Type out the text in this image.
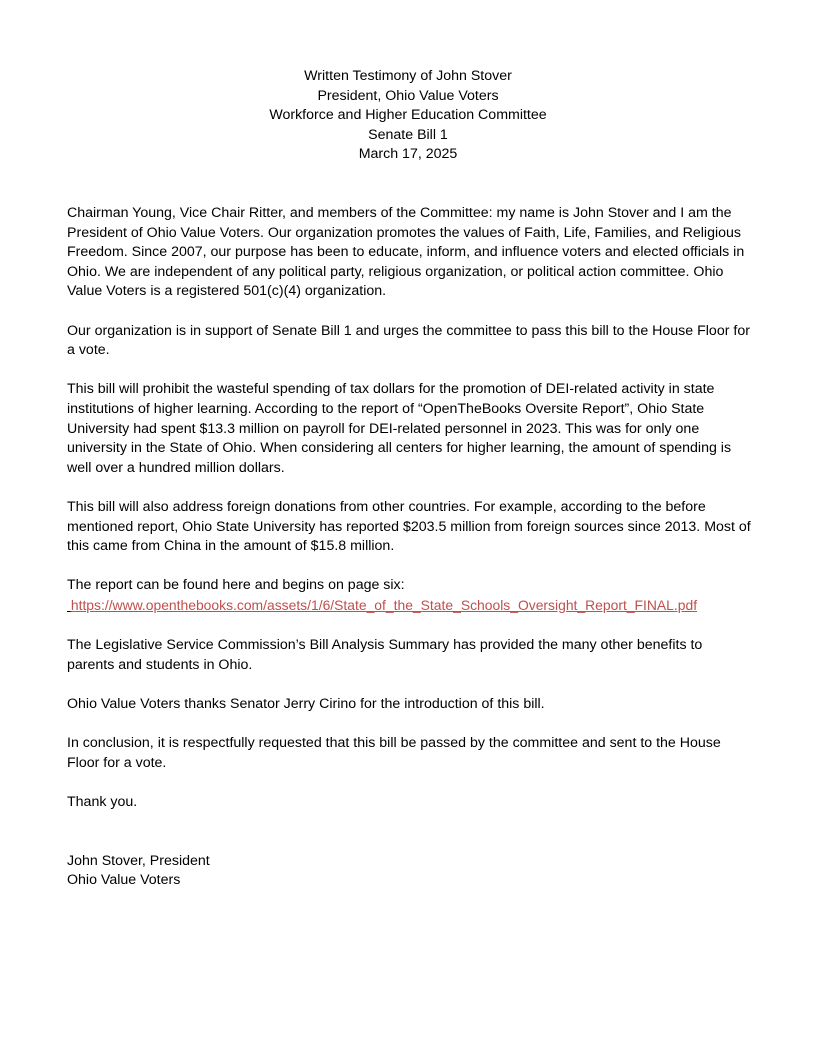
Written Testimony of John Stover
President, Ohio Value Voters
Workforce and Higher Education Committee
Senate Bill 1
March 17, 2025

Chairman Young, Vice Chair Ritter, and members of the Committee: my name is John Stover and I am the President of Ohio Value Voters. Our organization promotes the values of Faith, Life, Families, and Religious Freedom. Since 2007, our purpose has been to educate, inform, and influence voters and elected officials in Ohio. We are independent of any political party, religious organization, or political action committee. Ohio Value Voters is a registered 501(c)(4) organization.

Our organization is in support of Senate Bill 1 and urges the committee to pass this bill to the House Floor for a vote.

This bill will prohibit the wasteful spending of tax dollars for the promotion of DEI-related activity in state institutions of higher learning. According to the report of “OpenTheBooks Oversite Report”, Ohio State University had spent $13.3 million on payroll for DEI-related personnel in 2023. This was for only one university in the State of Ohio. When considering all centers for higher learning, the amount of spending is well over a hundred million dollars.

This bill will also address foreign donations from other countries. For example, according to the before mentioned report, Ohio State University has reported $203.5 million from foreign sources since 2013. Most of this came from China in the amount of $15.8 million.

The report can be found here and begins on page six:
https://www.openthebooks.com/assets/1/6/State_of_the_State_Schools_Oversight_Report_FINAL.pdf

The Legislative Service Commission’s Bill Analysis Summary has provided the many other benefits to parents and students in Ohio.

Ohio Value Voters thanks Senator Jerry Cirino for the introduction of this bill.

In conclusion, it is respectfully requested that this bill be passed by the committee and sent to the House Floor for a vote.

Thank you.

John Stover, President
Ohio Value Voters
